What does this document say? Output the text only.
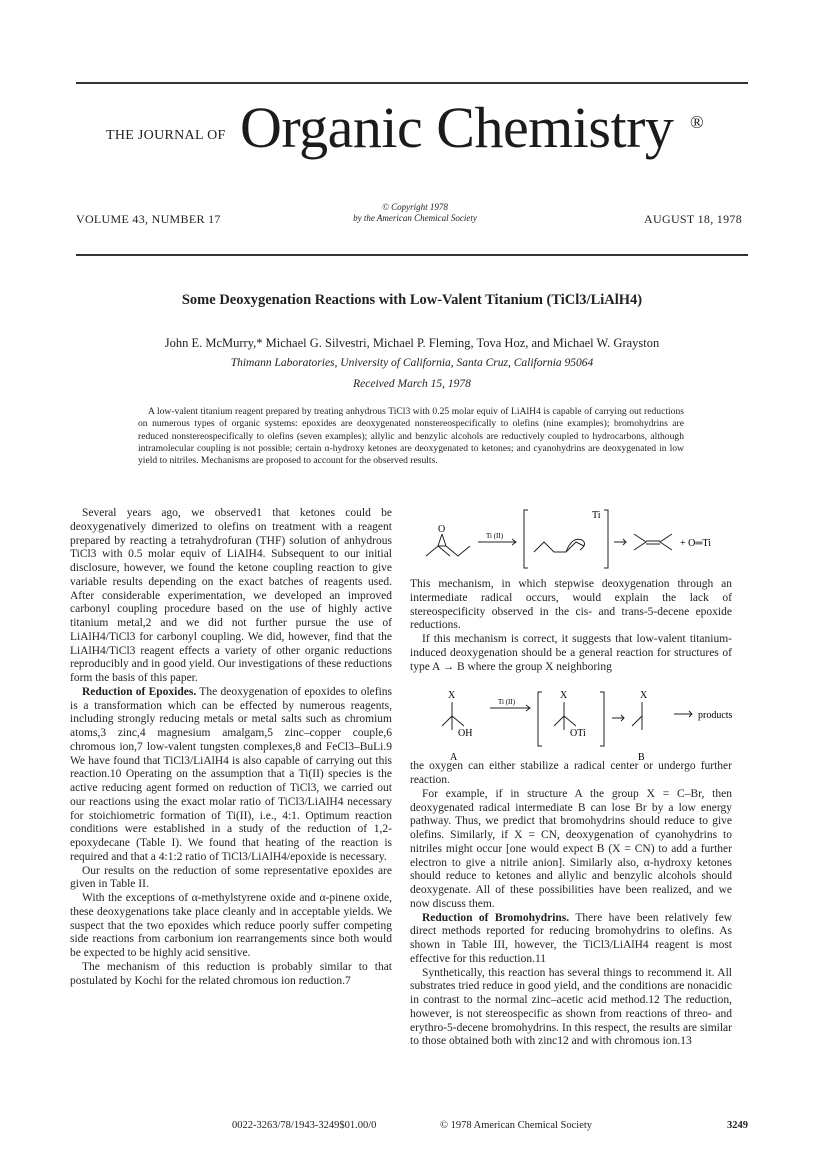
THE JOURNAL OF Organic Chemistry ®
VOLUME 43, NUMBER 17
© Copyright 1978
by the American Chemical Society	AUGUST 18, 1978
Some Deoxygenation Reactions with Low-Valent Titanium (TiCl3/LiAlH4)
John E. McMurry,* Michael G. Silvestri, Michael P. Fleming, Tova Hoz, and Michael W. Grayston
Thimann Laboratories, University of California, Santa Cruz, California 95064
Received March 15, 1978
A low-valent titanium reagent prepared by treating anhydrous TiCl3 with 0.25 molar equiv of LiAlH4 is capable of carrying out reductions on numerous types of organic systems: epoxides are deoxygenated nonstereospecifically to olefins (nine examples); bromohydrins are reduced nonstereospecifically to olefins (seven examples); allylic and benzylic alcohols are reductively coupled to hydrocarbons, although intramolecular coupling is not possible; certain α-hydroxy ketones are deoxygenated to ketones; and cyanohydrins are deoxygenated in low yield to nitriles. Mechanisms are proposed to account for the observed results.

Several years ago, we observed1 that ketones could be deoxygenatively dimerized to olefins on treatment with a reagent prepared by reacting a tetrahydrofuran (THF) solution of anhydrous TiCl3 with 0.5 molar equiv of LiAlH4. Subsequent to our initial disclosure, however, we found the ketone coupling reaction to give variable results depending on the exact batches of reagents used. After considerable experimentation, we developed an improved carbonyl coupling procedure based on the use of highly active titanium metal,2 and we did not further pursue the use of LiAlH4/TiCl3 for carbonyl coupling. We did, however, find that the LiAlH4/TiCl3 reagent effects a variety of other organic reductions reproducibly and in good yield. Our investigations of these reductions form the basis of this paper.

Reduction of Epoxides. The deoxygenation of epoxides to olefins is a transformation which can be effected by numerous reagents, including strongly reducing metals or metal salts such as chromium atoms,3 zinc,4 magnesium amalgam,5 zinc–copper couple,6 chromous ion,7 low-valent tungsten complexes,8 and FeCl3–BuLi.9 We have found that TiCl3/LiAlH4 is also capable of carrying out this reaction.10 Operating on the assumption that a Ti(II) species is the active reducing agent formed on reduction of TiCl3, we carried out our reactions using the exact molar ratio of TiCl3/LiAlH4 necessary for stoichiometric formation of Ti(II), i.e., 4:1. Optimum reaction conditions were established in a study of the reduction of 1,2-epoxydecane (Table I). We found that heating of the reaction is required and that a 4:1:2 ratio of TiCl3/LiAlH4/epoxide is necessary.

Our results on the reduction of some representative epoxides are given in Table II.

With the exceptions of α-methylstyrene oxide and α-pinene oxide, these deoxygenations take place cleanly and in acceptable yields. We suspect that the two epoxides which reduce poorly suffer competing side reactions from carbonium ion rearrangements since both would be expected to be highly acid sensitive.

The mechanism of this reduction is probably similar to that postulated by Kochi for the related chromous ion reduction.7

O
Ti (II)
Ti
+ O═Ti
X
OH
Ti (II)
X
OTi
X
products
A	B

This mechanism, in which stepwise deoxygenation through an intermediate radical occurs, would explain the lack of stereospecificity observed in the cis- and trans-5-decene epoxide reductions.

If this mechanism is correct, it suggests that low-valent titanium-induced deoxygenation should be a general reaction for structures of type A → B where the group X neighboring

the oxygen can either stabilize a radical center or undergo further reaction.

For example, if in structure A the group X = C–Br, then deoxygenated radical intermediate B can lose Br by a low energy pathway. Thus, we predict that bromohydrins should reduce to give olefins. Similarly, if X = CN, deoxygenation of cyanohydrins to nitriles might occur [one would expect B (X = CN) to add a further electron to give a nitrile anion]. Similarly also, α-hydroxy ketones should reduce to ketones and allylic and benzylic alcohols should deoxygenate. All of these possibilities have been realized, and we now discuss them.

Reduction of Bromohydrins. There have been relatively few direct methods reported for reducing bromohydrins to olefins. As shown in Table III, however, the TiCl3/LiAlH4 reagent is most effective for this reduction.11

Synthetically, this reaction has several things to recommend it. All substrates tried reduce in good yield, and the conditions are nonacidic in contrast to the normal zinc–acetic acid method.12 The reduction, however, is not stereospecific as shown from reactions of threo- and erythro-5-decene bromohydrins. In this respect, the results are similar to those obtained both with zinc12 and with chromous ion.13

0022-3263/78/1943-3249$01.00/0	© 1978 American Chemical Society	3249
